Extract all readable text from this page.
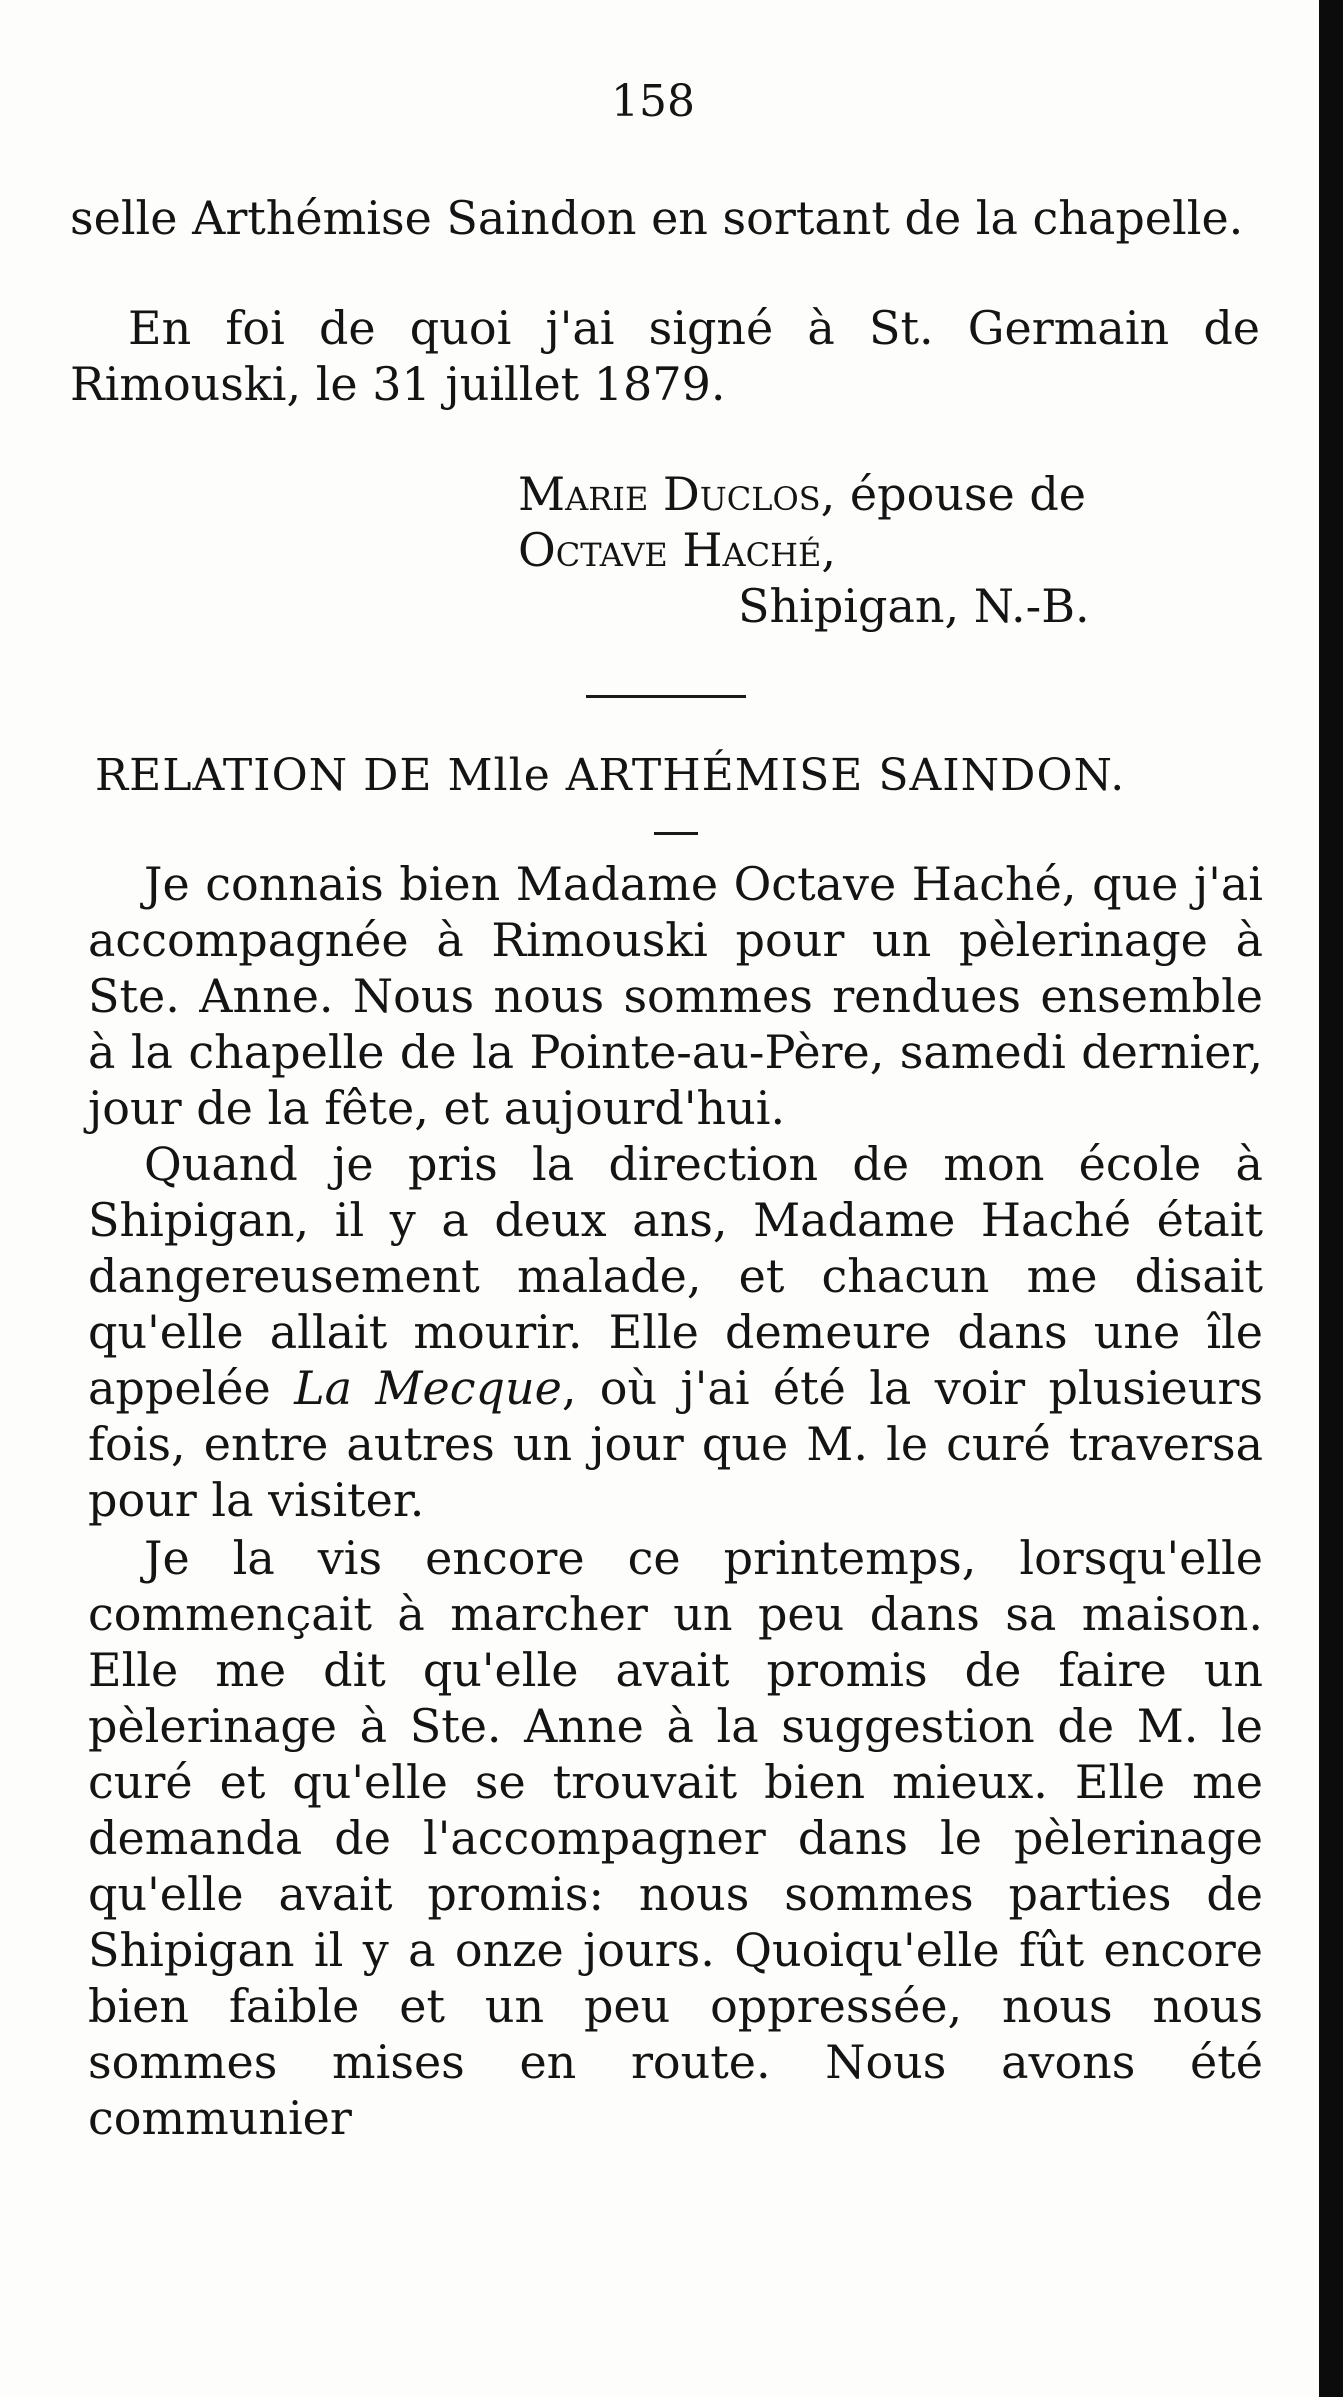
158

selle Arthémise Saindon en sortant de la chapelle.

En foi de quoi j'ai signé à St. Germain de Rimouski, le 31 juillet 1879.

Marie Duclos, épouse de
Octave Haché,
Shipigan, N.-B.
RELATION DE Mlle ARTHÉMISE SAINDON.

Je connais bien Madame Octave Haché, que j'ai accompagnée à Rimouski pour un pèlerinage à Ste. Anne. Nous nous sommes rendues ensemble à la chapelle de la Pointe-au-Père, samedi dernier, jour de la fête, et aujourd'hui.

Quand je pris la direction de mon école à Shipigan, il y a deux ans, Madame Haché était dangereusement malade, et chacun me disait qu'elle allait mourir. Elle demeure dans une île appelée La Mecque, où j'ai été la voir plusieurs fois, entre autres un jour que M. le curé traversa pour la visiter.

Je la vis encore ce printemps, lorsqu'elle commençait à marcher un peu dans sa maison. Elle me dit qu'elle avait promis de faire un pèlerinage à Ste. Anne à la suggestion de M. le curé et qu'elle se trouvait bien mieux. Elle me demanda de l'accompagner dans le pèlerinage qu'elle avait promis: nous sommes parties de Shipigan il y a onze jours. Quoiqu'elle fût encore bien faible et un peu oppressée, nous nous sommes mises en route. Nous avons été communier
